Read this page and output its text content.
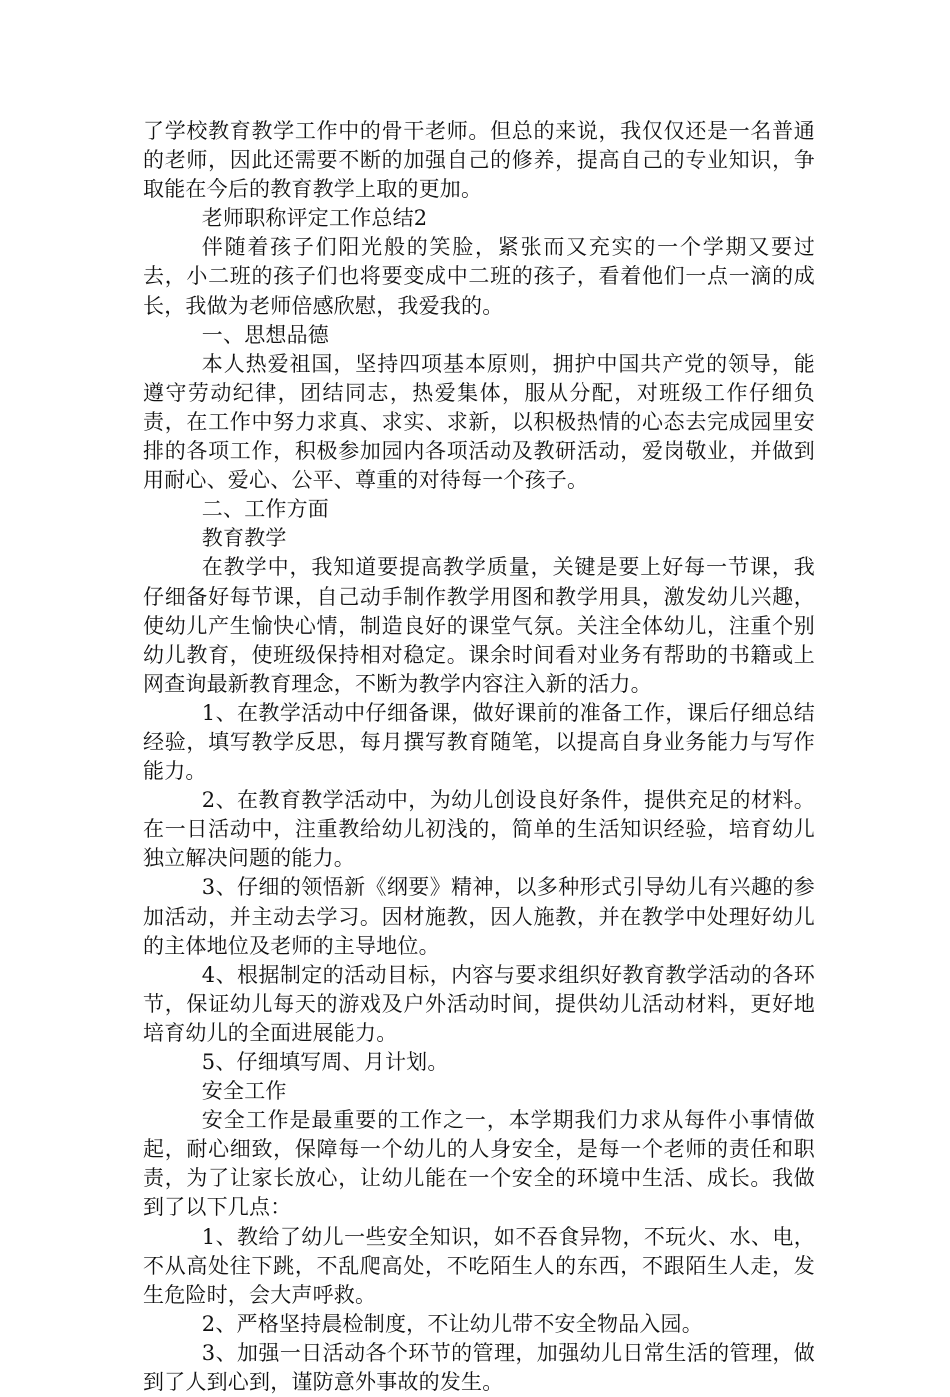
了学校教育教学工作中的骨干老师。但总的来说，我仅仅还是一名普通的老师，因此还需要不断的加强自己的修养，提高自己的专业知识，争取能在今后的教育教学上取的更加。

老师职称评定工作总结2

伴随着孩子们阳光般的笑脸，紧张而又充实的一个学期又要过去，小二班的孩子们也将要变成中二班的孩子，看着他们一点一滴的成长，我做为老师倍感欣慰，我爱我的。

一、思想品德

本人热爱祖国，坚持四项基本原则，拥护中国共产党的领导，能遵守劳动纪律，团结同志，热爱集体，服从分配，对班级工作仔细负责，在工作中努力求真、求实、求新，以积极热情的心态去完成园里安排的各项工作，积极参加园内各项活动及教研活动，爱岗敬业，并做到用耐心、爱心、公平、尊重的对待每一个孩子。

二、工作方面

教育教学

在教学中，我知道要提高教学质量，关键是要上好每一节课，我仔细备好每节课，自己动手制作教学用图和教学用具，激发幼儿兴趣，使幼儿产生愉快心情，制造良好的课堂气氛。关注全体幼儿，注重个别幼儿教育，使班级保持相对稳定。课余时间看对业务有帮助的书籍或上网查询最新教育理念，不断为教学内容注入新的活力。

1、在教学活动中仔细备课，做好课前的准备工作，课后仔细总结经验，填写教学反思，每月撰写教育随笔，以提高自身业务能力与写作能力。

2、在教育教学活动中，为幼儿创设良好条件，提供充足的材料。在一日活动中，注重教给幼儿初浅的，简单的生活知识经验，培育幼儿独立解决问题的能力。

3、仔细的领悟新《纲要》精神，以多种形式引导幼儿有兴趣的参加活动，并主动去学习。因材施教，因人施教，并在教学中处理好幼儿的主体地位及老师的主导地位。

4、根据制定的活动目标，内容与要求组织好教育教学活动的各环节，保证幼儿每天的游戏及户外活动时间，提供幼儿活动材料，更好地培育幼儿的全面进展能力。

5、仔细填写周、月计划。

安全工作

安全工作是最重要的工作之一，本学期我们力求从每件小事情做起，耐心细致，保障每一个幼儿的人身安全，是每一个老师的责任和职责，为了让家长放心，让幼儿能在一个安全的环境中生活、成长。我做到了以下几点：

1、教给了幼儿一些安全知识，如不吞食异物，不玩火、水、电，不从高处往下跳，不乱爬高处，不吃陌生人的东西，不跟陌生人走，发生危险时，会大声呼救。

2、严格坚持晨检制度，不让幼儿带不安全物品入园。

3、加强一日活动各个环节的管理，加强幼儿日常生活的管理，做到了人到心到，谨防意外事故的发生。
